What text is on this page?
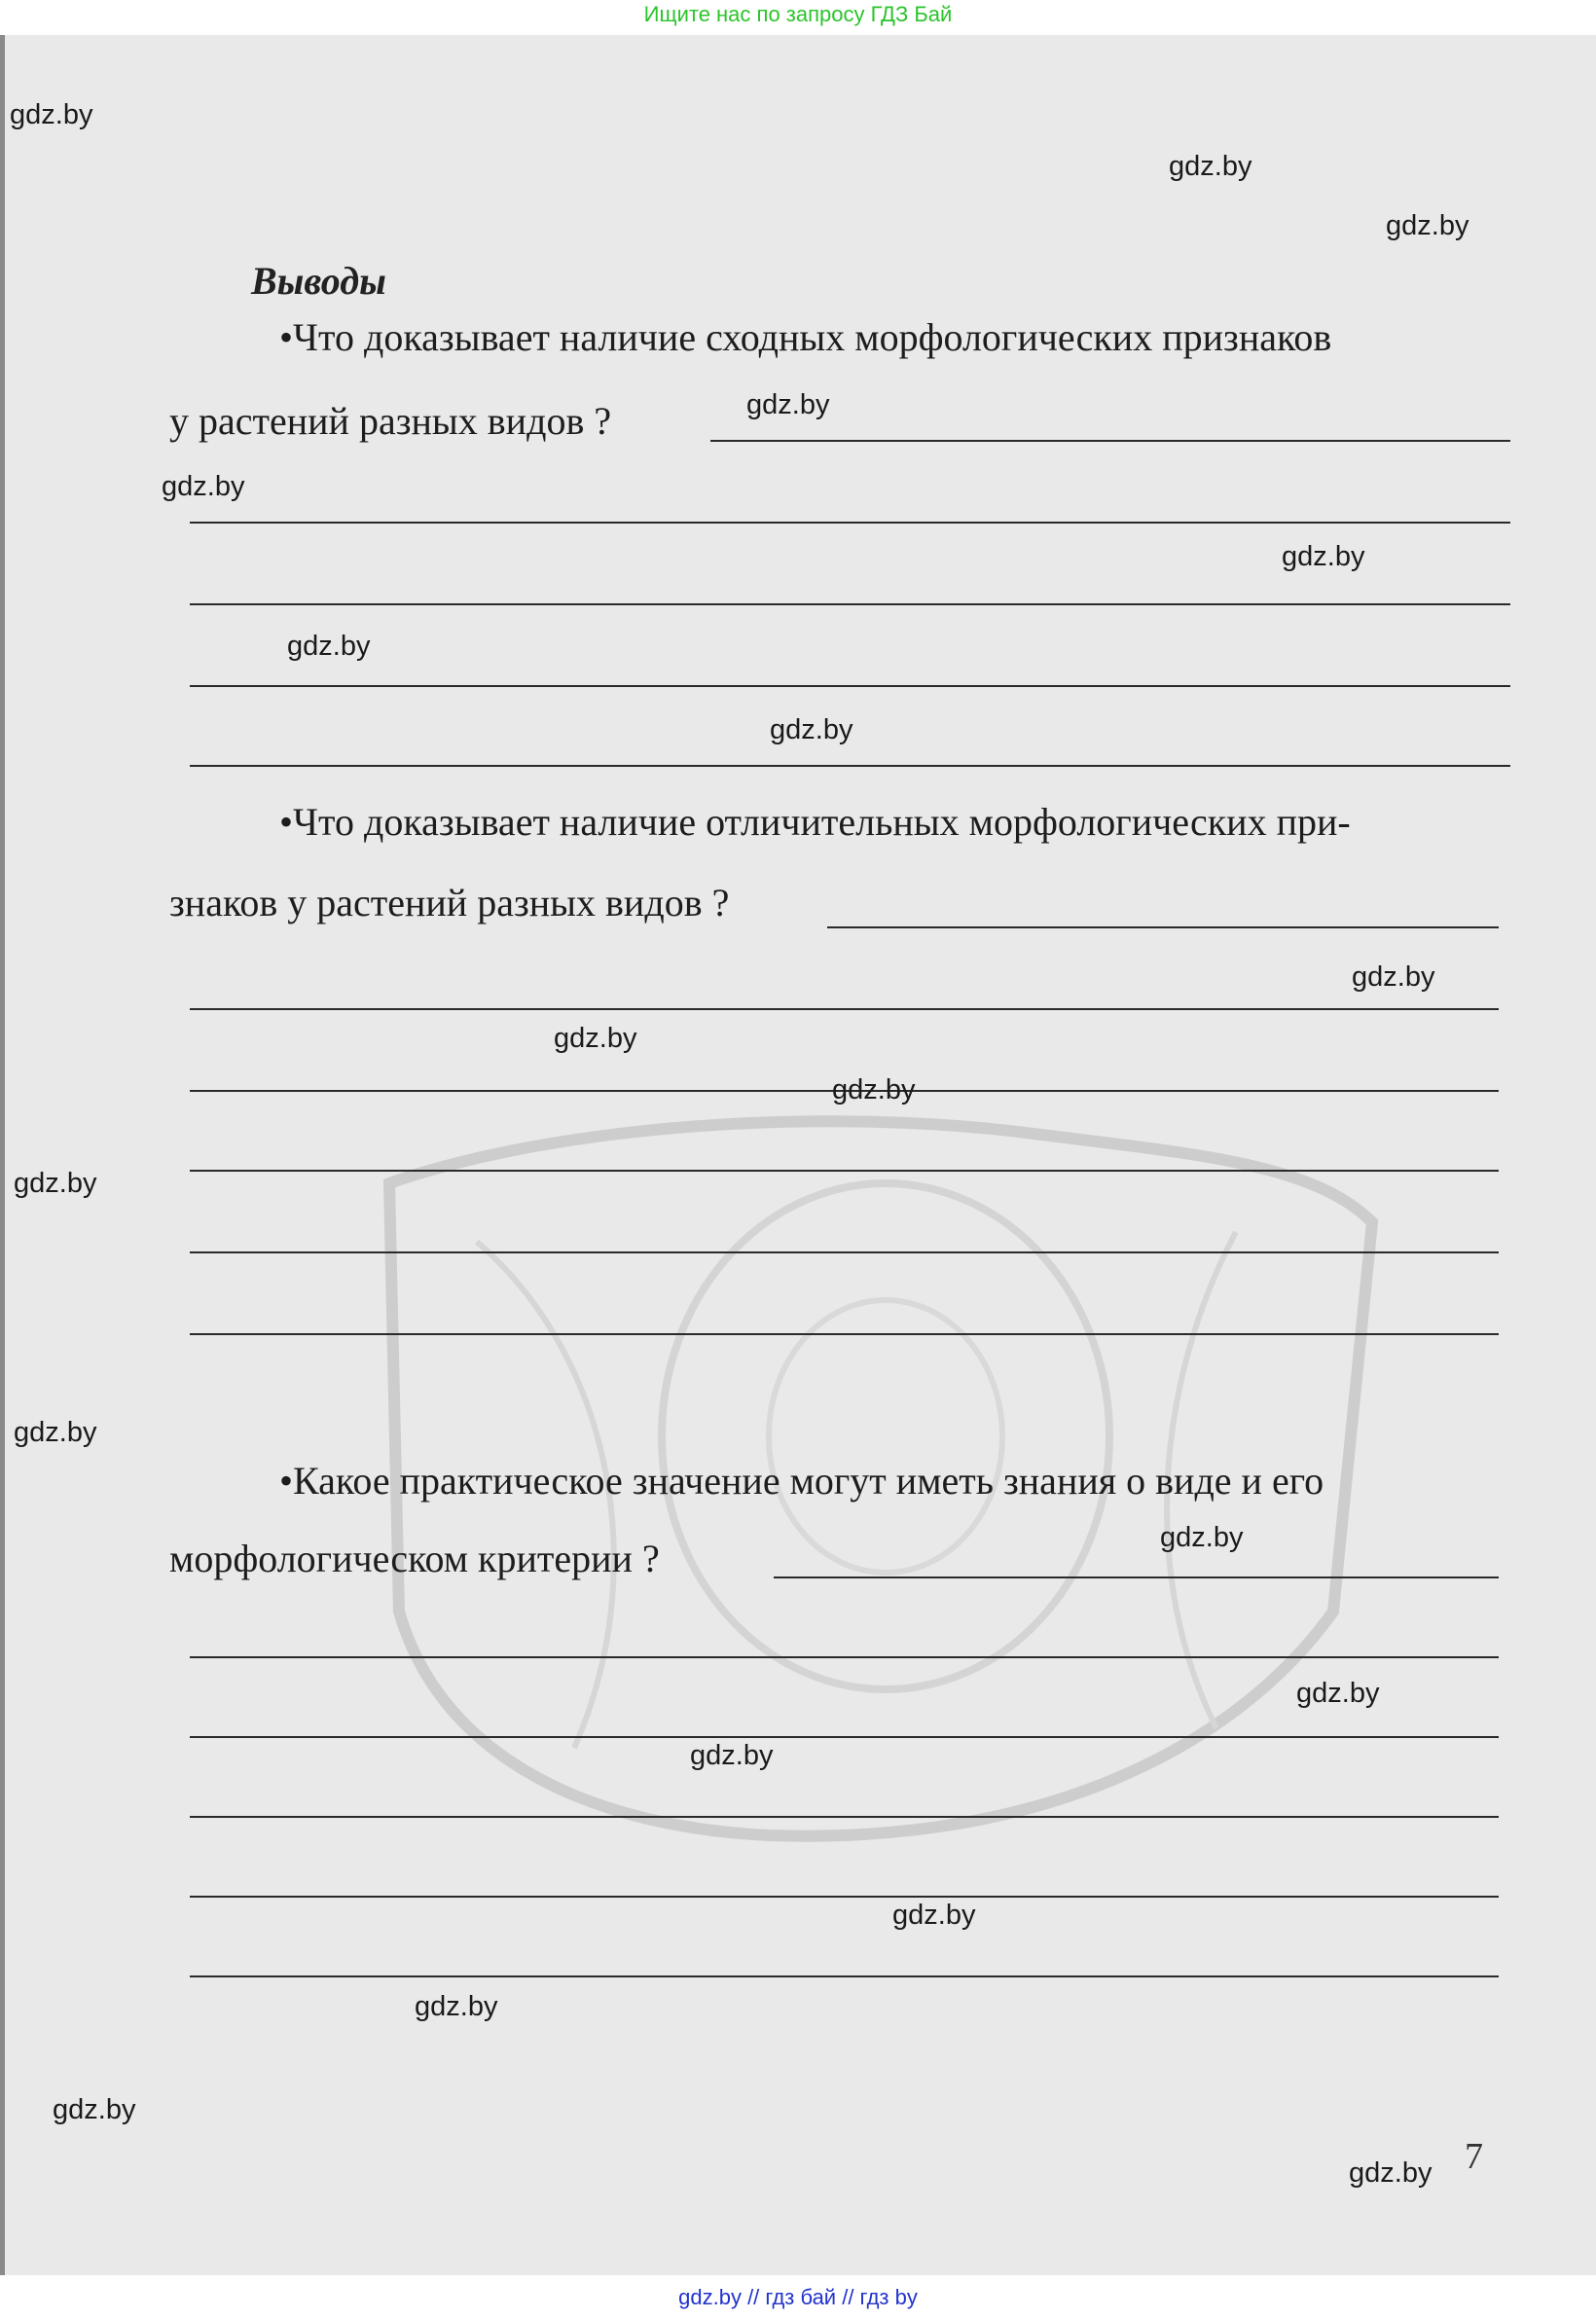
Ищите нас по запросу ГДЗ Бай
Выводы
•Что доказывает наличие сходных морфологических признаков
у растений разных видов ?
•Что доказывает наличие отличительных морфологических при-
знаков у растений разных видов ?
•Какое практическое значение могут иметь знания о виде и его
морфологическом критерии ?
7
gdz.by
gdz.by
gdz.by
gdz.by
gdz.by
gdz.by
gdz.by
gdz.by
gdz.by
gdz.by
gdz.by
gdz.by
gdz.by
gdz.by
gdz.by
gdz.by
gdz.by
gdz.by
gdz.by
gdz.by
gdz.by // гдз бай // гдз by
